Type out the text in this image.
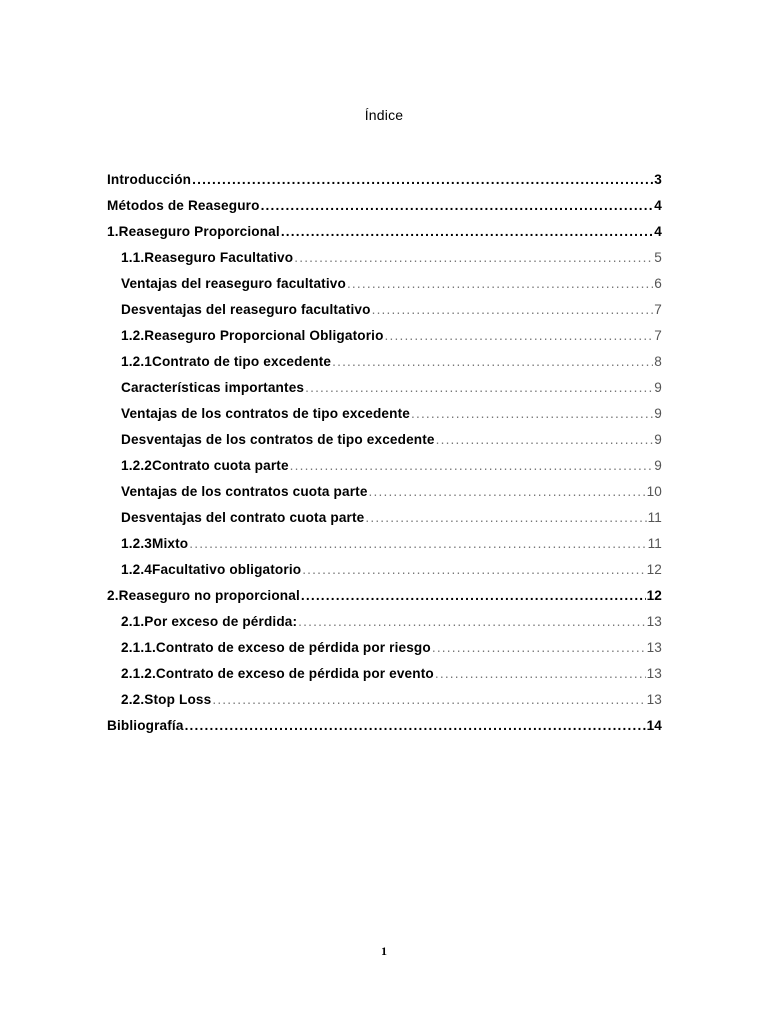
Índice
Introducción .....	3
Métodos de Reaseguro .....	4
1. Reaseguro Proporcional .....	4
1.1. Reaseguro Facultativo .....	5
Ventajas del reaseguro facultativo .....	6
Desventajas del reaseguro facultativo .....	7
1.2. Reaseguro Proporcional Obligatorio .....	7
1.2.1 Contrato de tipo excedente .....	8
Características importantes .....	9
Ventajas de los contratos de tipo excedente .....	9
Desventajas de los contratos de tipo excedente .....	9
1.2.2 Contrato cuota parte .....	9
Ventajas de los contratos cuota parte .....	10
Desventajas del contrato cuota parte .....	11
1.2.3 Mixto .....	11
1.2.4 Facultativo obligatorio .....	12
2. Reaseguro no proporcional .....	12
2.1. Por exceso de pérdida: .....	13
2.1.1. Contrato de exceso de pérdida por riesgo .....	13
2.1.2. Contrato de exceso de pérdida por evento .....	13
2.2. Stop Loss .....	13
Bibliografía .....	14
1
